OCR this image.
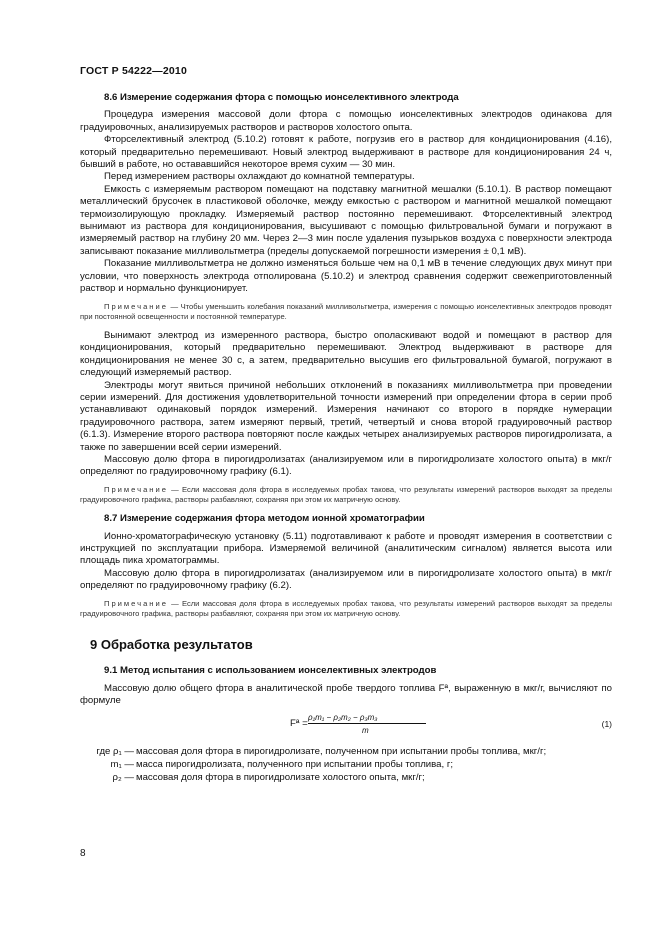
ГОСТ Р 54222—2010
8.6 Измерение содержания фтора с помощью ионселективного электрода

Процедура измерения массовой доли фтора с помощью ионселективных электродов одинакова для градуировочных, анализируемых растворов и растворов холостого опыта.

Фторселективный электрод (5.10.2) готовят к работе, погрузив его в раствор для кондиционирования (4.16), который предварительно перемешивают. Новый электрод выдерживают в растворе для кондиционирования 24 ч, бывший в работе, но остававшийся некоторое время сухим — 30 мин.

Перед измерением растворы охлаждают до комнатной температуры.

Емкость с измеряемым раствором помещают на подставку магнитной мешалки (5.10.1). В раствор помещают металлический брусочек в пластиковой оболочке, между емкостью с раствором и магнитной мешалкой помещают термоизолирующую прокладку. Измеряемый раствор постоянно перемешивают. Фторселективный электрод вынимают из раствора для кондиционирования, высушивают с помощью фильтровальной бумаги и погружают в измеряемый раствор на глубину 20 мм. Через 2—3 мин после удаления пузырьков воздуха с поверхности электрода записывают показание милливольтметра (пределы допускаемой погрешности измерения ± 0,1 мВ).

Показание милливольтметра не должно изменяться больше чем на 0,1 мВ в течение следующих двух минут при условии, что поверхность электрода отполирована (5.10.2) и электрод сравнения содержит свежеприготовленный раствор и нормально функционирует.

Примечание — Чтобы уменьшить колебания показаний милливольтметра, измерения с помощью ионселективных электродов проводят при постоянной освещенности и постоянной температуре.

Вынимают электрод из измеренного раствора, быстро ополаскивают водой и помещают в раствор для кондиционирования, который предварительно перемешивают. Электрод выдерживают в растворе для кондиционирования не менее 30 с, а затем, предварительно высушив его фильтровальной бумагой, погружают в следующий измеряемый раствор.

Электроды могут явиться причиной небольших отклонений в показаниях милливольтметра при проведении серии измерений. Для достижения удовлетворительной точности измерений при определении фтора в серии проб устанавливают одинаковый порядок измерений. Измерения начинают со второго в порядке нумерации градуировочного раствора, затем измеряют первый, третий, четвертый и снова второй градуировочный раствор (6.1.3). Измерение второго раствора повторяют после каждых четырех анализируемых растворов пирогидролизата, а также по завершении всей серии измерений.

Массовую долю фтора в пирогидролизатах (анализируемом или в пирогидролизате холостого опыта) в мкг/г определяют по градуировочному графику (6.1).

Примечание — Если массовая доля фтора в исследуемых пробах такова, что результаты измерений растворов выходят за пределы градуировочного графика, растворы разбавляют, сохраняя при этом их матричную основу.
8.7 Измерение содержания фтора методом ионной хроматографии

Ионно-хроматографическую установку (5.11) подготавливают к работе и проводят измерения в соответствии с инструкцией по эксплуатации прибора. Измеряемой величиной (аналитическим сигналом) является высота или площадь пика хроматограммы.

Массовую долю фтора в пирогидролизатах (анализируемом или в пирогидролизате холостого опыта) в мкг/г определяют по градуировочному графику (6.2).

Примечание — Если массовая доля фтора в исследуемых пробах такова, что результаты измерений растворов выходят за пределы градуировочного графика, растворы разбавляют, сохраняя при этом их матричную основу.
9 Обработка результатов
9.1 Метод испытания с использованием ионселективных электродов

Массовую долю общего фтора в аналитической пробе твердого топлива Fª, выраженную в мкг/г, вычисляют по формуле

Fª =
ρ₁m₁ − ρ₂m₂ − ρ₃m₃
m
(1)
где ρ₁ — массовая доля фтора в пирогидролизате, полученном при испытании пробы топлива, мкг/г;
m₁ — масса пирогидролизата, полученного при испытании пробы топлива, г;
ρ₂ — массовая доля фтора в пирогидролизате холостого опыта, мкг/г;
8
